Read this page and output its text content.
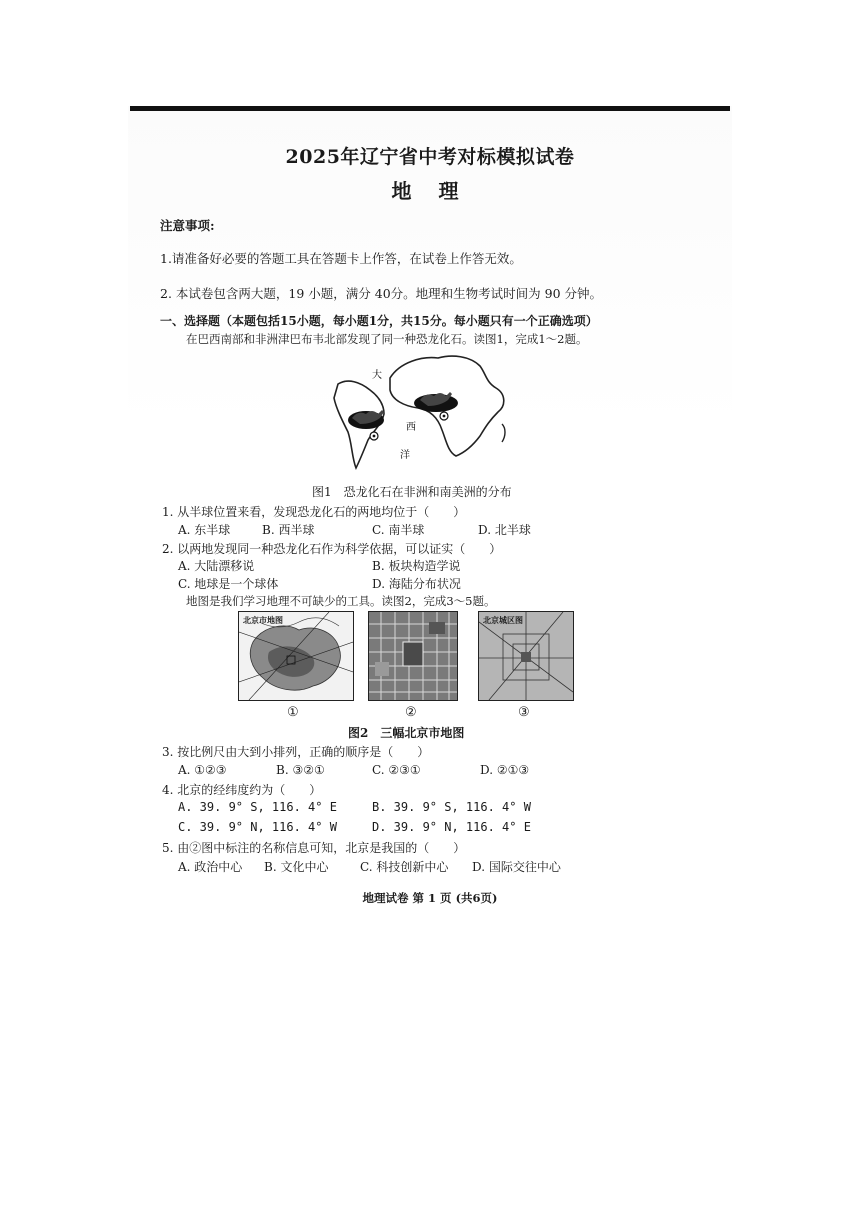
2025年辽宁省中考对标模拟试卷
地 理
注意事项:
1.请准备好必要的答题工具在答题卡上作答，在试卷上作答无效。
2. 本试卷包含两大题，19 小题，满分 40分。地理和生物考试时间为 90 分钟。
一、选择题（本题包括15小题，每小题1分，共15分。每小题只有一个正确选项）
在巴西南部和非洲津巴布韦北部发现了同一种恐龙化石。读图1，完成1～2题。
大
西
洋
图1　恐龙化石在非洲和南美洲的分布
1. 从半球位置来看，发现恐龙化石的两地均位于（　　）
A. 东半球	B. 西半球	C. 南半球	D. 北半球
2. 以两地发现同一种恐龙化石作为科学依据，可以证实（　　）
A. 大陆漂移说	B. 板块构造学说
C. 地球是一个球体	D. 海陆分布状况
地图是我们学习地理不可缺少的工具。读图2，完成3～5题。
北京市地图	北京城区图
①	②	③
图2　三幅北京市地图
3. 按比例尺由大到小排列，正确的顺序是（　　）
A. ①②③	B. ③②①	C. ②③①	D. ②①③
4. 北京的经纬度约为（　　）
A. 39. 9° S, 116. 4° E	B. 39. 9° S, 116. 4° W
C. 39. 9° N, 116. 4° W	D. 39. 9° N, 116. 4° E
5. 由②图中标注的名称信息可知，北京是我国的（　　）
A. 政治中心 B. 文化中心	C. 科技创新中心 D. 国际交往中心
地理试卷 第 1 页 (共6页)
